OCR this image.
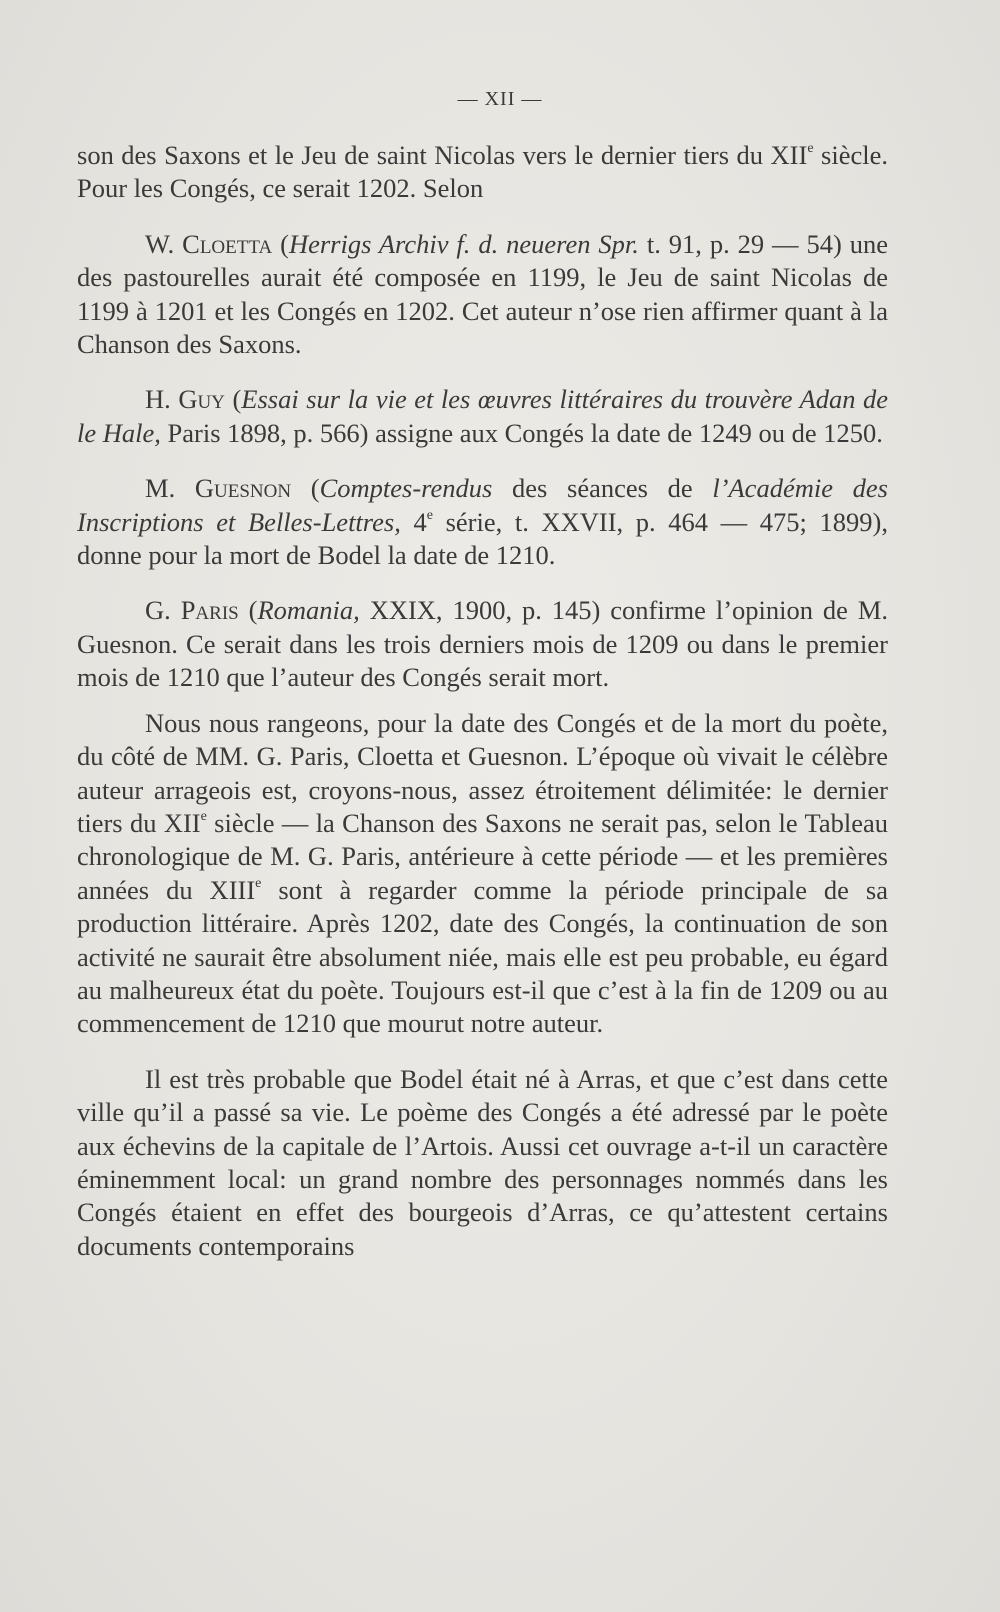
— XII —

son des Saxons et le Jeu de saint Nicolas vers le dernier tiers du XIIe siècle. Pour les Congés, ce serait 1202. Selon

W. Cloetta (Herrigs Archiv f. d. neueren Spr. t. 91, p. 29 — 54) une des pastourelles aurait été composée en 1199, le Jeu de saint Nicolas de 1199 à 1201 et les Congés en 1202. Cet auteur n’ose rien affirmer quant à la Chanson des Saxons.

H. Guy (Essai sur la vie et les œuvres littéraires du trouvère Adan de le Hale, Paris 1898, p. 566) assigne aux Congés la date de 1249 ou de 1250.

M. Guesnon (Comptes-rendus des séances de l’Académie des Inscriptions et Belles-Lettres, 4e série, t. XXVII, p. 464 — 475; 1899), donne pour la mort de Bodel la date de 1210.

G. Paris (Romania, XXIX, 1900, p. 145) confirme l’opinion de M. Guesnon. Ce serait dans les trois derniers mois de 1209 ou dans le premier mois de 1210 que l’auteur des Congés serait mort.

Nous nous rangeons, pour la date des Congés et de la mort du poète, du côté de MM. G. Paris, Cloetta et Guesnon. L’époque où vivait le célèbre auteur arrageois est, croyons-nous, assez étroitement délimitée: le dernier tiers du XIIe siècle — la Chanson des Saxons ne serait pas, selon le Tableau chronologique de M. G. Paris, antérieure à cette période — et les premières années du XIIIe sont à regarder comme la période principale de sa production littéraire. Après 1202, date des Congés, la continuation de son activité ne saurait être absolument niée, mais elle est peu probable, eu égard au malheureux état du poète. Toujours est-il que c’est à la fin de 1209 ou au commencement de 1210 que mourut notre auteur.

Il est très probable que Bodel était né à Arras, et que c’est dans cette ville qu’il a passé sa vie. Le poème des Congés a été adressé par le poète aux échevins de la capitale de l’Artois. Aussi cet ouvrage a-t-il un caractère éminemment local: un grand nombre des personnages nommés dans les Congés étaient en effet des bourgeois d’Arras, ce qu’attestent certains documents contemporains
